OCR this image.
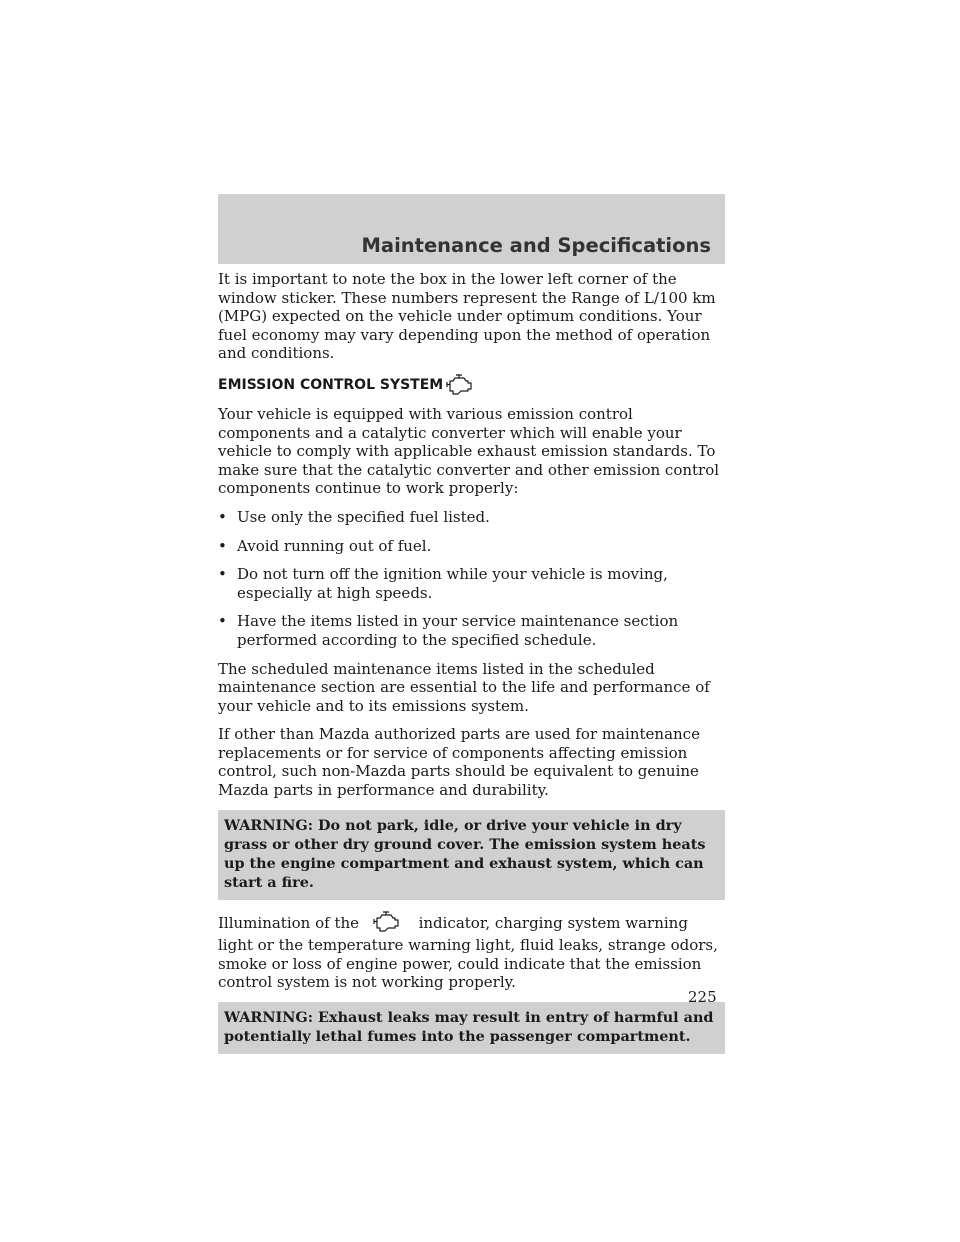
Maintenance and Specifications

It is important to note the box in the lower left corner of the window sticker. These numbers represent the Range of L/100 km (MPG) expected on the vehicle under optimum conditions. Your fuel economy may vary depending upon the method of operation and conditions.

EMISSION CONTROL SYSTEM

Your vehicle is equipped with various emission control components and a catalytic converter which will enable your vehicle to comply with applicable exhaust emission standards. To make sure that the catalytic converter and other emission control components continue to work properly:

• Use only the specified fuel listed.
• Avoid running out of fuel.
• Do not turn off the ignition while your vehicle is moving, especially at high speeds.
• Have the items listed in your service maintenance section performed according to the specified schedule.

The scheduled maintenance items listed in the scheduled maintenance section are essential to the life and performance of your vehicle and to its emissions system.

If other than Mazda authorized parts are used for maintenance replacements or for service of components affecting emission control, such non-Mazda parts should be equivalent to genuine Mazda parts in performance and durability.

WARNING: Do not park, idle, or drive your vehicle in dry grass or other dry ground cover. The emission system heats up the engine compartment and exhaust system, which can start a fire.

Illumination of the	indicator, charging system warning light or the temperature warning light, fluid leaks, strange odors, smoke or loss of engine power, could indicate that the emission control system is not working properly.

WARNING: Exhaust leaks may result in entry of harmful and potentially lethal fumes into the passenger compartment.
225
